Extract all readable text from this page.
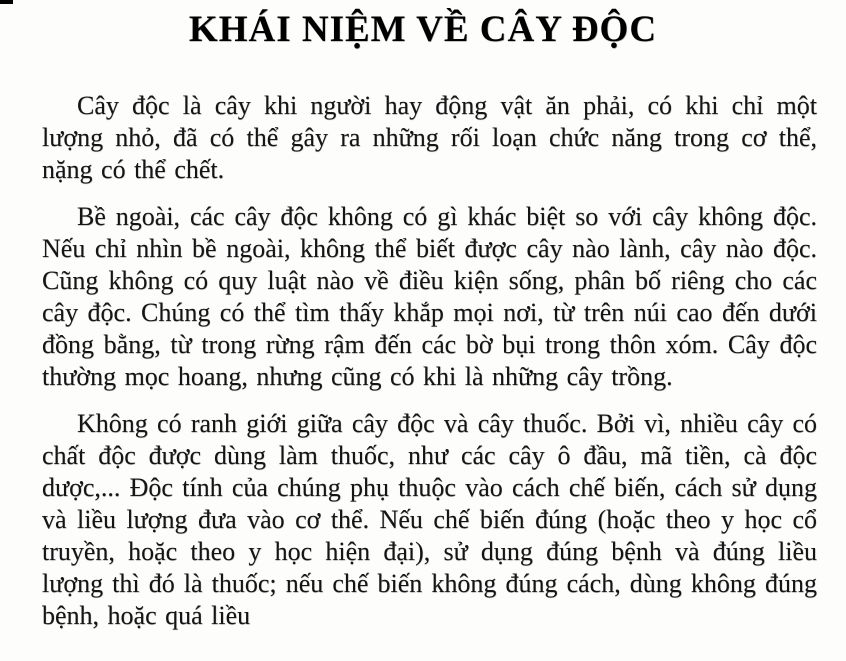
KHÁI NIỆM VỀ CÂY ĐỘC

Cây độc là cây khi người hay động vật ăn phải, có khi chỉ một lượng nhỏ, đã có thể gây ra những rối loạn chức năng trong cơ thể, nặng có thể chết.

Bề ngoài, các cây độc không có gì khác biệt so với cây không độc. Nếu chỉ nhìn bề ngoài, không thể biết được cây nào lành, cây nào độc. Cũng không có quy luật nào về điều kiện sống, phân bố riêng cho các cây độc. Chúng có thể tìm thấy khắp mọi nơi, từ trên núi cao đến dưới đồng bằng, từ trong rừng rậm đến các bờ bụi trong thôn xóm. Cây độc thường mọc hoang, nhưng cũng có khi là những cây trồng.

Không có ranh giới giữa cây độc và cây thuốc. Bởi vì, nhiều cây có chất độc được dùng làm thuốc, như các cây ô đầu, mã tiền, cà độc dược,... Độc tính của chúng phụ thuộc vào cách chế biến, cách sử dụng và liều lượng đưa vào cơ thể. Nếu chế biến đúng (hoặc theo y học cổ truyền, hoặc theo y học hiện đại), sử dụng đúng bệnh và đúng liều lượng thì đó là thuốc; nếu chế biến không đúng cách, dùng không đúng bệnh, hoặc quá liều
